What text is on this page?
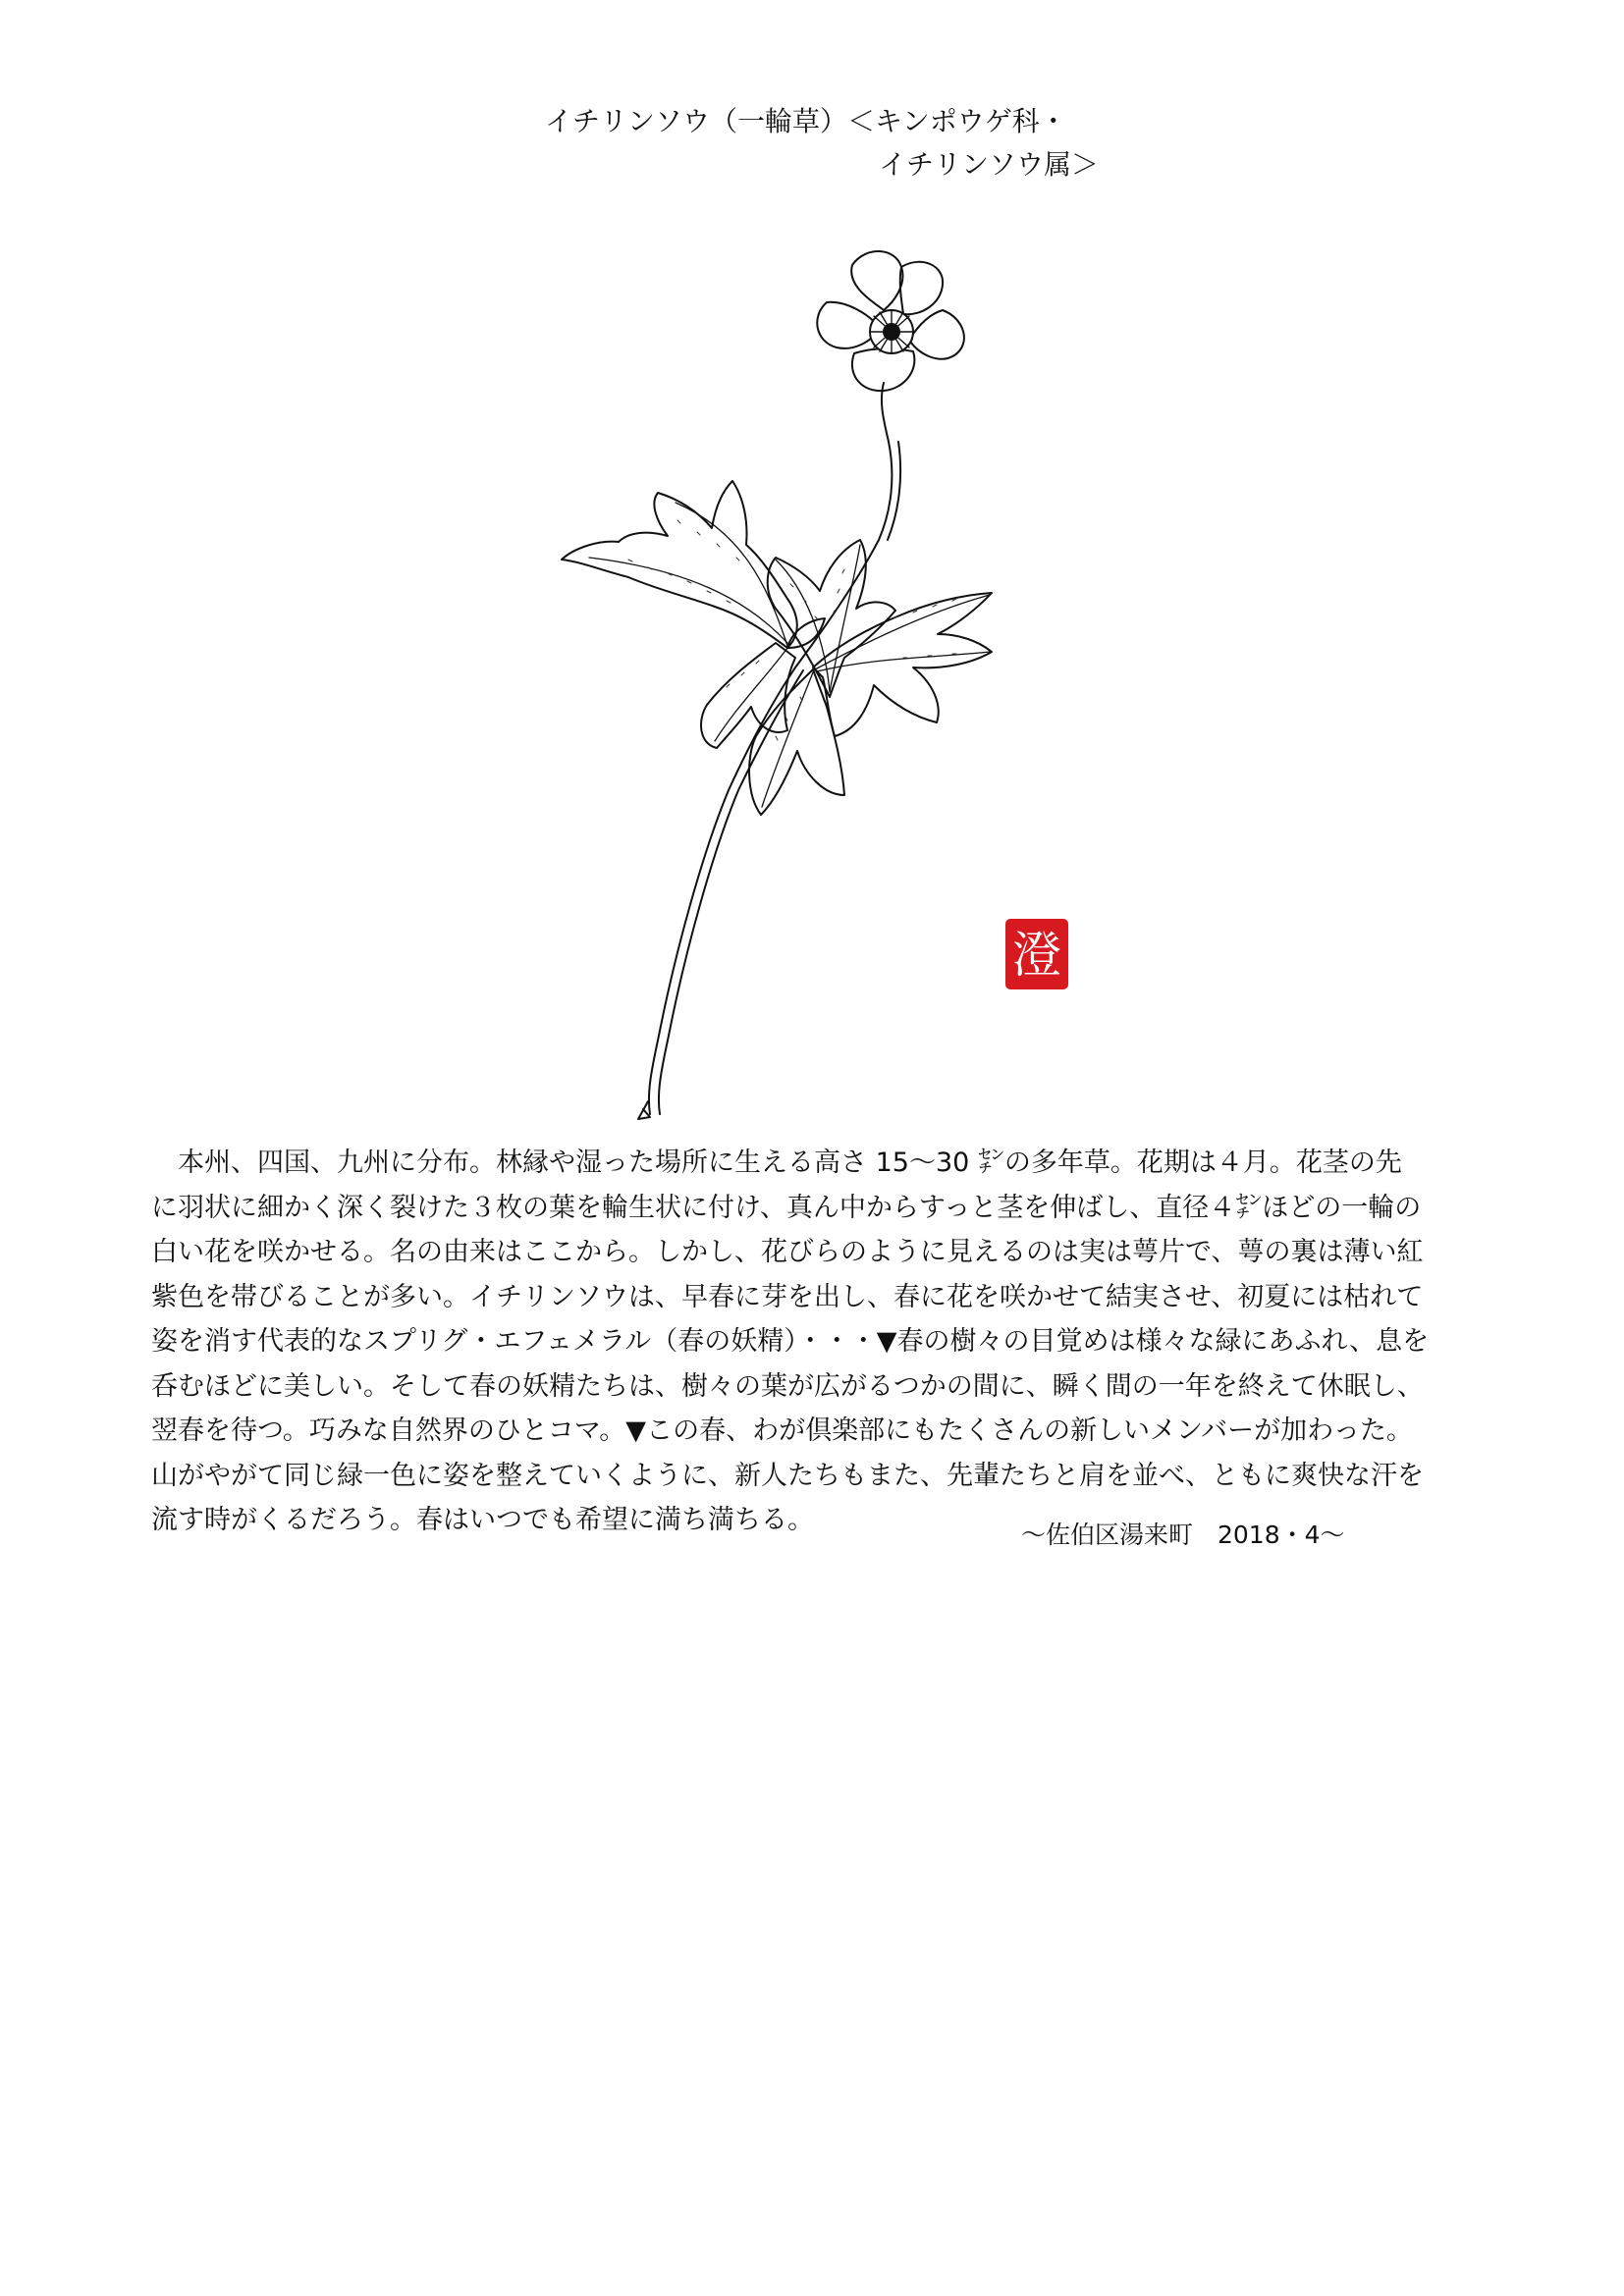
イチリンソウ（一輪草）＜キンポウゲ科・
イチリンソウ属＞
澄

　本州、四国、九州に分布。林縁や湿った場所に生える高さ 15～30 ㌢の多年草。花期は４月。花茎の先

に羽状に細かく深く裂けた３枚の葉を輪生状に付け、真ん中からすっと茎を伸ばし、直径４㌢ほどの一輪の

白い花を咲かせる。名の由来はここから。しかし、花びらのように見えるのは実は萼片で、萼の裏は薄い紅

紫色を帯びることが多い。イチリンソウは、早春に芽を出し、春に花を咲かせて結実させ、初夏には枯れて

姿を消す代表的なスプリグ・エフェメラル（春の妖精）・・・▼春の樹々の目覚めは様々な緑にあふれ、息を

呑むほどに美しい。そして春の妖精たちは、樹々の葉が広がるつかの間に、瞬く間の一年を終えて休眠し、

翌春を待つ。巧みな自然界のひとコマ。▼この春、わが倶楽部にもたくさんの新しいメンバーが加わった。

山がやがて同じ緑一色に姿を整えていくように、新人たちもまた、先輩たちと肩を並べ、ともに爽快な汗を

流す時がくるだろう。春はいつでも希望に満ち満ちる。	～佐伯区湯来町　2018・4～
